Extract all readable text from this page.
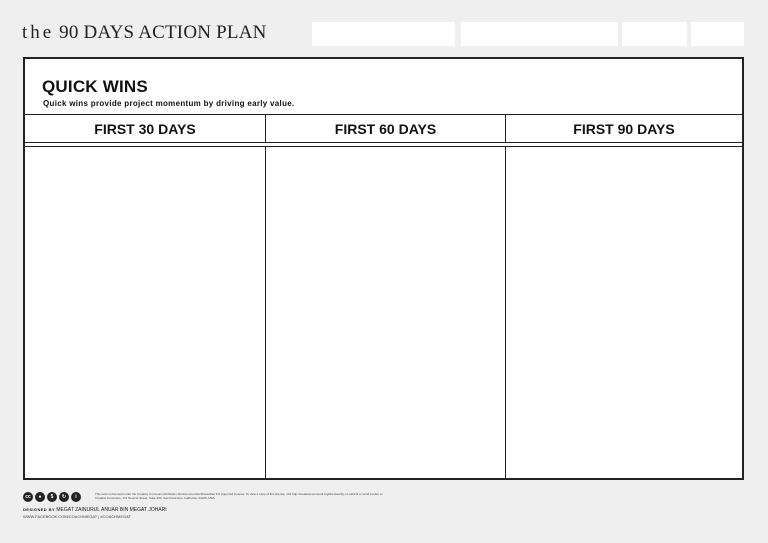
the 90 DAYS ACTION PLAN
QUICK WINS
Quick wins provide project momentum by driving early value.
FIRST 30 DAYS	FIRST 60 DAYS	FIRST 90 DAYS
cc	●	$	↻	i	This work is licensed under the Creative Commons Attribution-NonCommercial-ShareAlike 3.0 Unported License. To view a copy of this license, visit http://creativecommons.org/licenses/by-nc-sa/3.0/ or send a letter to Creative Commons, 171 Second Street, Suite 300, San Francisco, California, 94105, USA.
DESIGNED BY MEGAT ZAINURUL ANUAR BIN MEGAT JOHARI
WWW.FACEBOOK.COM/COACHMEGAT | #COACHMEGAT
